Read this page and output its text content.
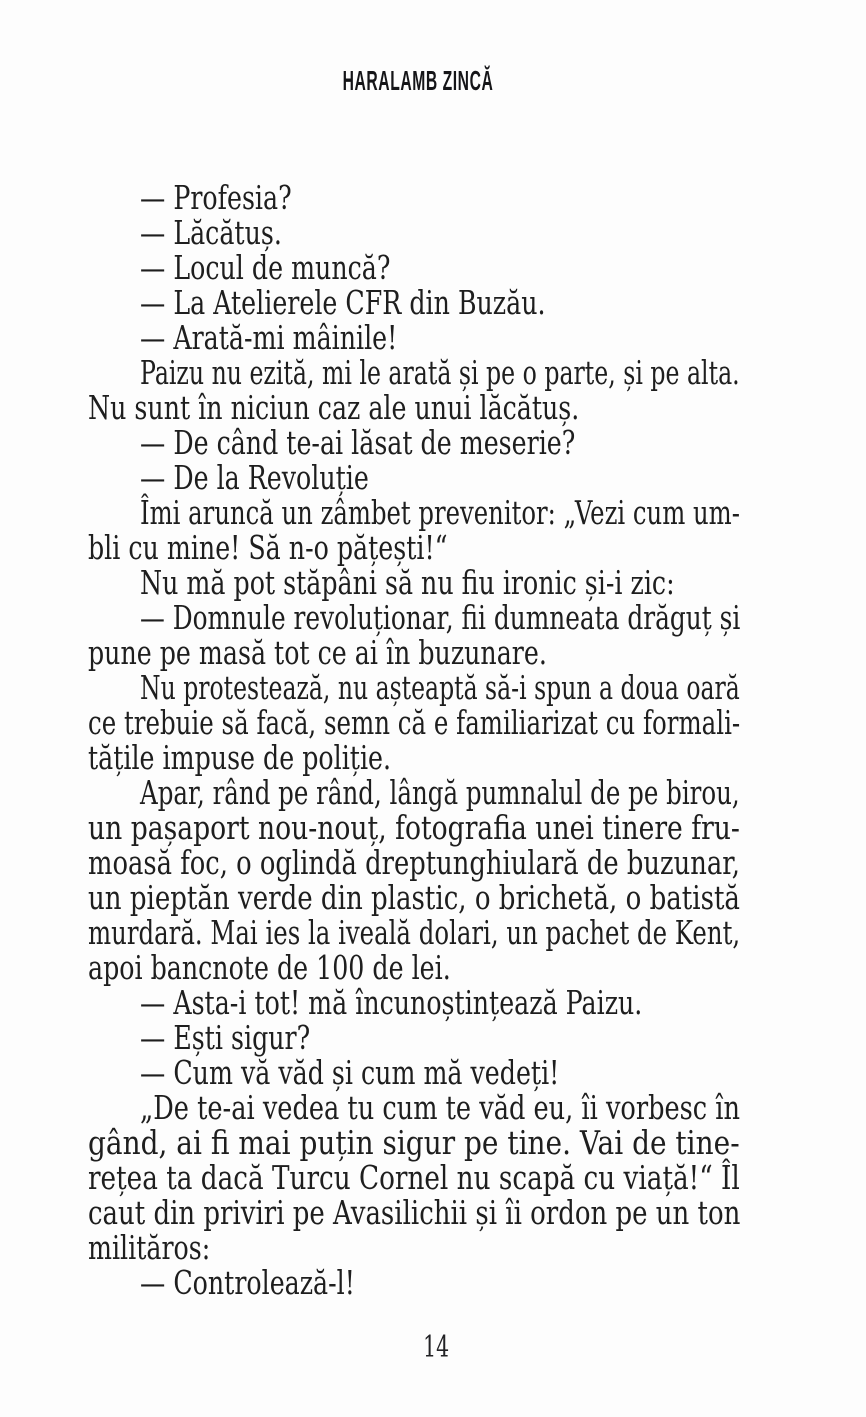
HARALAMB ZINCĂ
— Profesia?
— Lăcătuș.
— Locul de muncă?
— La Atelierele CFR din Buzău.
— Arată-mi mâinile!
Paizu nu ezită, mi le arată și pe o parte, și pe alta.
Nu sunt în niciun caz ale unui lăcătuș.
— De când te-ai lăsat de meserie?
— De la Revoluție
Îmi aruncă un zâmbet prevenitor: „Vezi cum um-
bli cu mine! Să n-o pățești!“
Nu mă pot stăpâni să nu fiu ironic și-i zic:
— Domnule revoluționar, fii dumneata drăguț și
pune pe masă tot ce ai în buzunare.
Nu protestează, nu așteaptă să-i spun a doua oară
ce trebuie să facă, semn că e familiarizat cu formali-
tățile impuse de poliție.
Apar, rând pe rând, lângă pumnalul de pe birou,
un pașaport nou-nouț, fotografia unei tinere fru-
moasă foc, o oglindă dreptunghiulară de buzunar,
un pieptăn verde din plastic, o brichetă, o batistă
murdară. Mai ies la iveală dolari, un pachet de Kent,
apoi bancnote de 100 de lei.
— Asta-i tot! mă încunoștințează Paizu.
— Ești sigur?
— Cum vă văd și cum mă vedeți!
„De te-ai vedea tu cum te văd eu, îi vorbesc în
gând, ai fi mai puțin sigur pe tine. Vai de tine-
rețea ta dacă Turcu Cornel nu scapă cu viață!“ Îl
caut din priviri pe Avasilichii și îi ordon pe un ton
milităros:
— Controlează-l!
14
